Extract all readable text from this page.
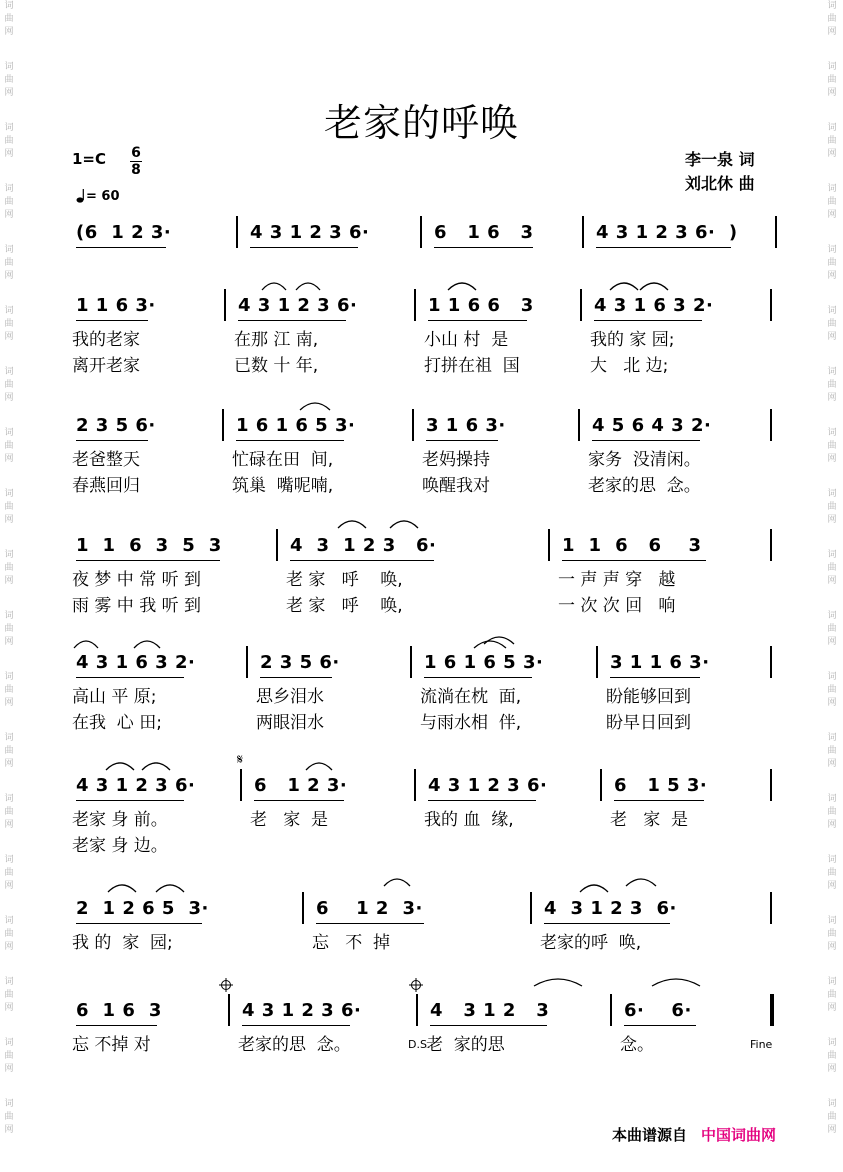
词曲网
词曲网
词曲网
词曲网
词曲网
词曲网
词曲网
词曲网
词曲网
词曲网
词曲网
词曲网
词曲网
词曲网
词曲网
词曲网
词曲网
词曲网
词曲网
词曲网
词曲网
词曲网
词曲网
词曲网
词曲网
词曲网
词曲网
词曲网
词曲网
词曲网
词曲网
词曲网
词曲网
词曲网
词曲网
词曲网
词曲网
词曲网
老家的呼唤
1=C 6
8
= 60
李一泉 词
刘北休 曲
(6  1 2 3·	4 3 1 2 3 6·	6   1 6   3	4 3 1 2 3 6·  )
1 1 6 3·	4 3 1 2 3 6·	1 1 6 6   3	4 3 1 6 3 2·
我的老家	在那 江 南,	小山 村  是	我的 家 园;
离开老家	已数 十 年,	打拼在祖  国	大   北 边;
2 3 5 6·	1 6 1 6 5 3·	3 1 6 3·	4 5 6 4 3 2·
老爸整天	忙碌在田  间,	老妈操持	家务  没清闲。
春燕回归	筑巢  嘴呢喃,	唤醒我对	老家的思  念。
1  1  6  3  5  3	4  3  1 2 3   6·	1  1  6   6    3
夜 梦 中 常 听 到	老 家   呼    唤,	一 声 声 穿   越
雨 雾 中 我 听 到	老 家   呼    唤,	一 次 次 回   响
4 3 1 6 3 2·	2 3 5 6·	1 6 1 6 5 3·	3 1 1 6 3·
高山 平 原;	思乡泪水	流淌在枕  面,	盼能够回到
在我  心 田;	两眼泪水	与雨水相  伴,	盼早日回到
4 3 1 2 3 6·	6   1 2 3·	4 3 1 2 3 6·	6   1 5 3·
老家 身 前。	老   家  是	我的 血  缘,	老   家  是
老家 身 边。
2  1 2 6 5  3·	6    1 2  3·	4  3 1 2 3  6·
我 的  家  园;	忘   不  掉	老家的呼  唤,
6  1 6  3	4 3 1 2 3 6·	4   3 1 2   3	6·    6·
忘 不掉 对	老家的思  念。	老  家的思	念。
D.S.	Fine
𝄋
本曲谱源自 中国词曲网
